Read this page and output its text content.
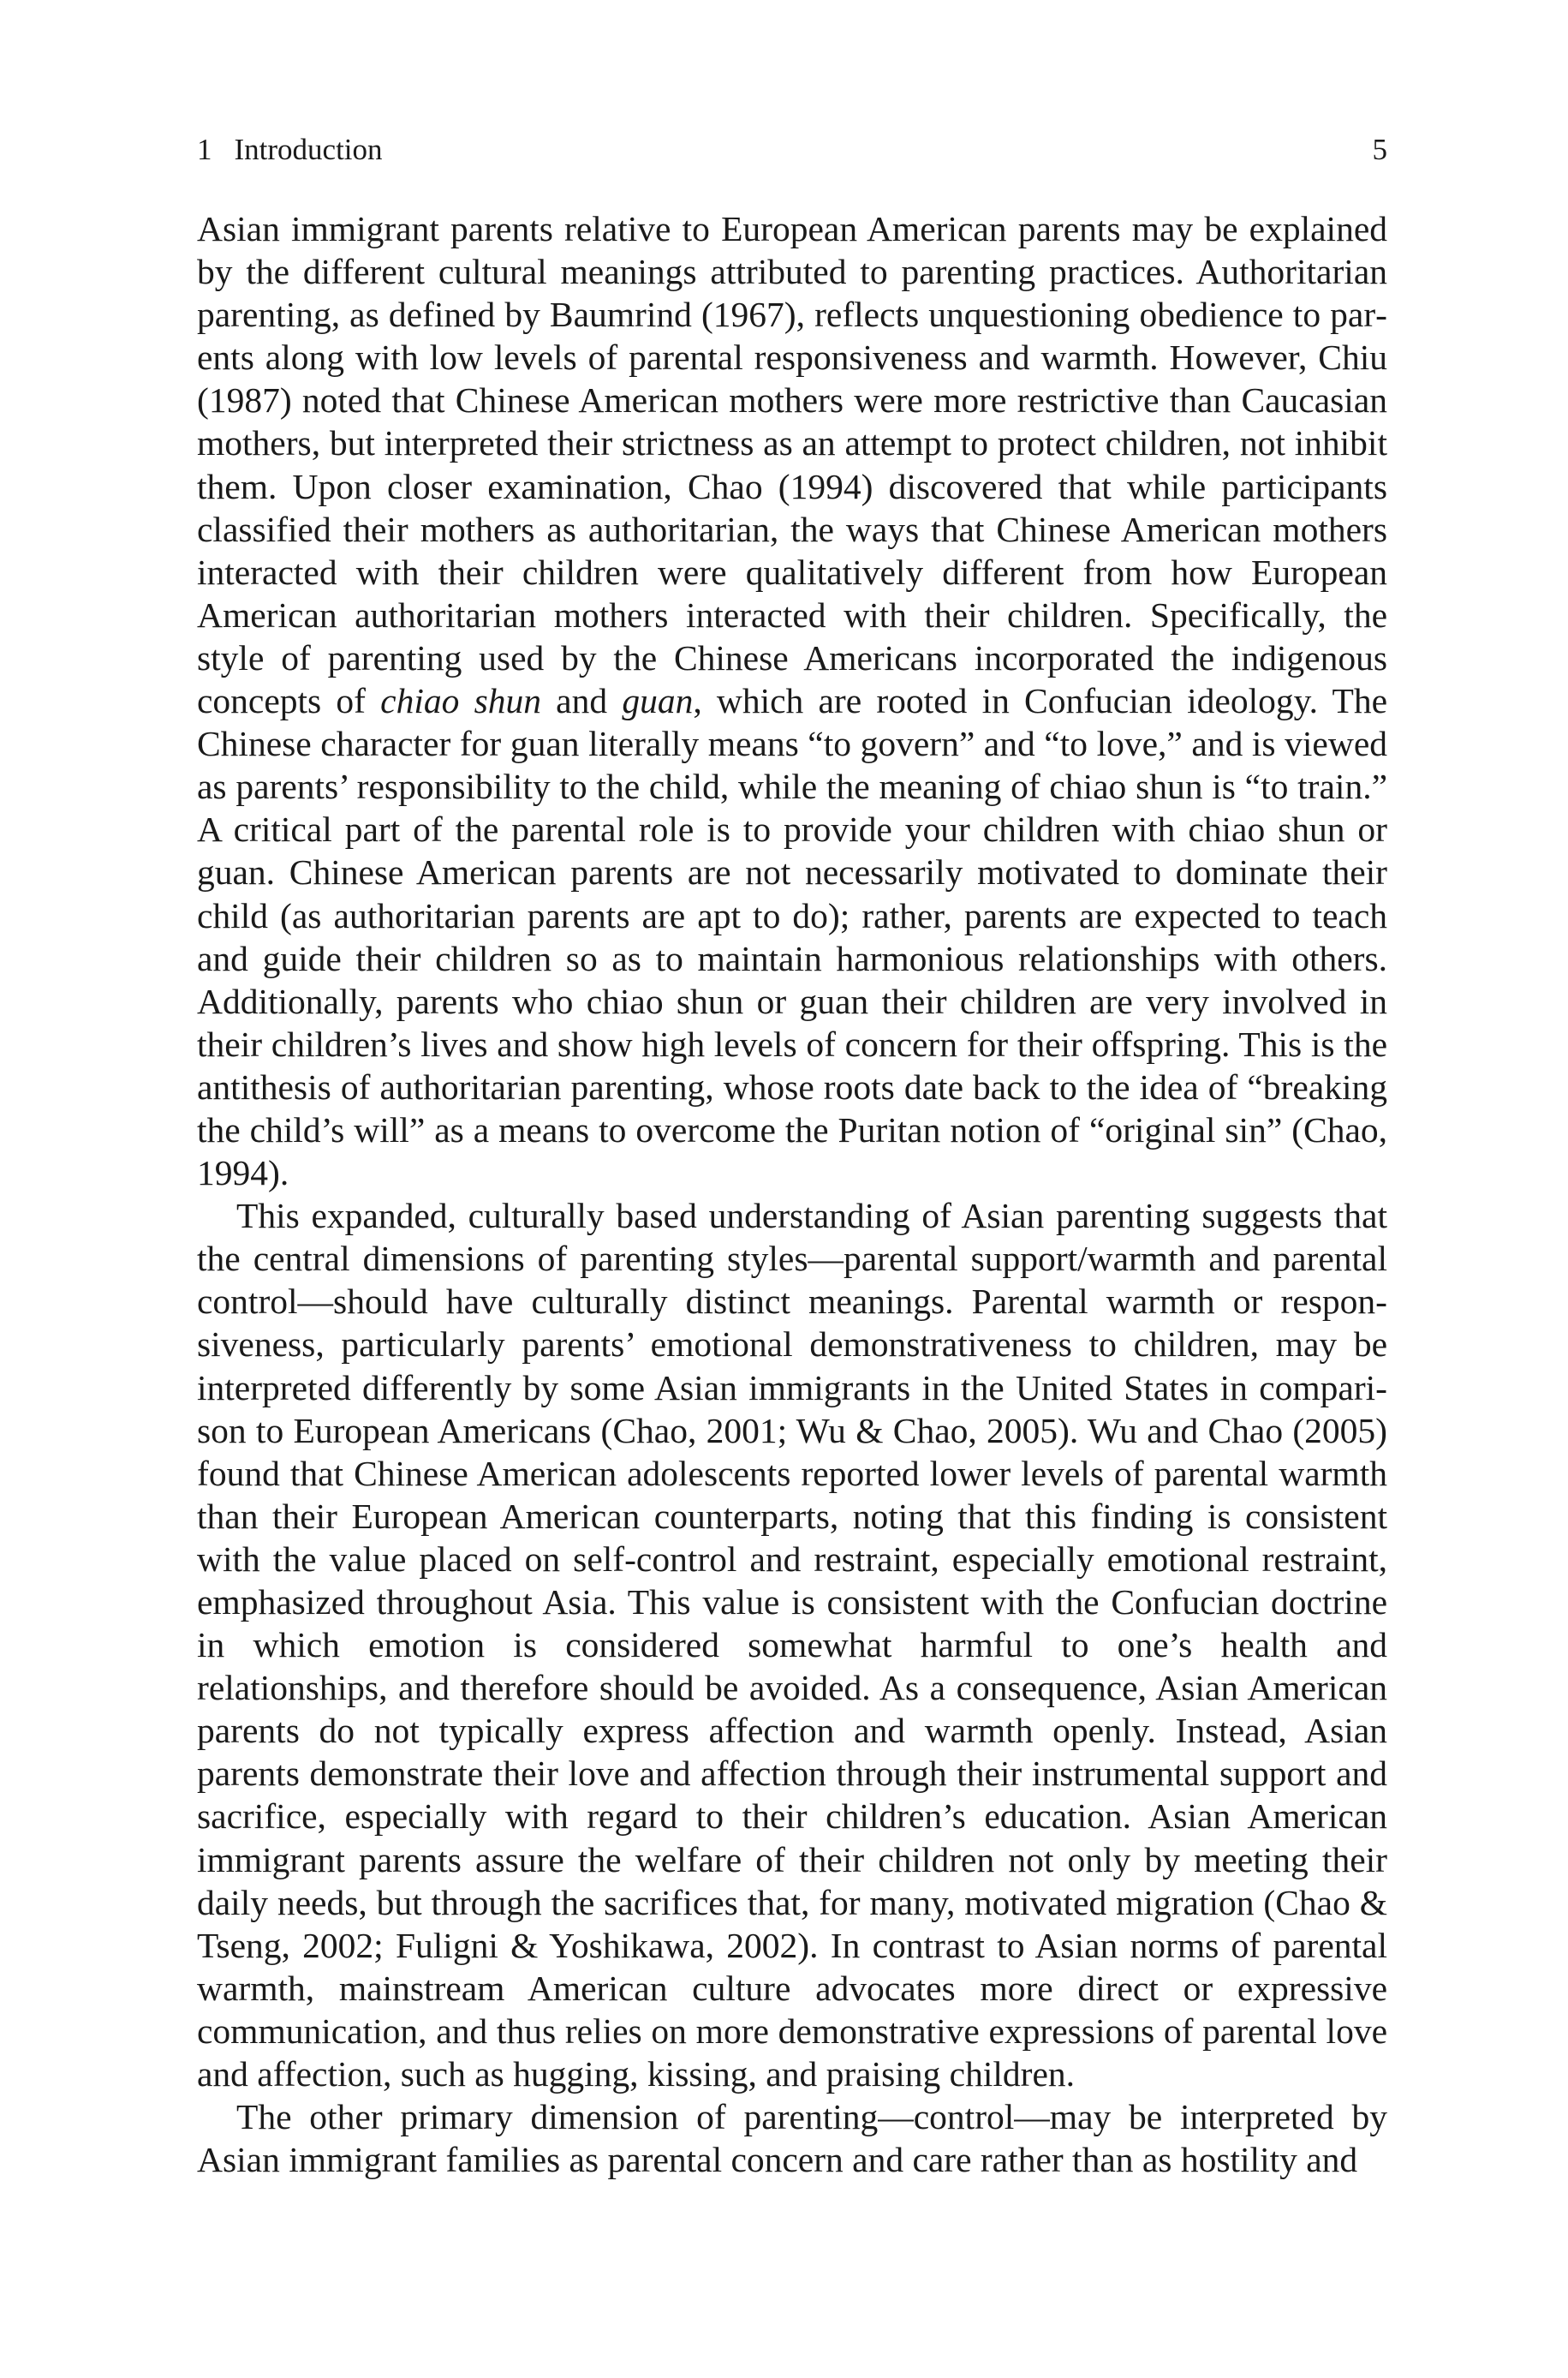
1 Introduction	5

Asian immigrant parents relative to European American parents may be explained by the different cultural meanings attributed to parenting practices. Authoritarian parenting, as defined by Baumrind (1967), reflects unquestioning obedience to parents along with low levels of parental responsiveness and warmth. However, Chiu (1987) noted that Chinese American mothers were more restrictive than Caucasian mothers, but interpreted their strictness as an attempt to protect children, not inhibit them. Upon closer examination, Chao (1994) discovered that while participants classified their mothers as authoritarian, the ways that Chinese American mothers interacted with their children were qualitatively different from how European American authoritarian mothers interacted with their children. Specifically, the style of parenting used by the Chinese Americans incorporated the indigenous concepts of chiao shun and guan, which are rooted in Confucian ideology. The Chinese character for guan literally means “to govern” and “to love,” and is viewed as parents’ responsibility to the child, while the meaning of chiao shun is “to train.” A critical part of the parental role is to provide your children with chiao shun or guan. Chinese American parents are not necessarily motivated to dominate their child (as authoritarian parents are apt to do); rather, parents are expected to teach and guide their children so as to maintain harmonious relationships with others. Additionally, parents who chiao shun or guan their children are very involved in their children’s lives and show high levels of concern for their offspring. This is the antithesis of authoritarian parenting, whose roots date back to the idea of “breaking the child’s will” as a means to overcome the Puritan notion of “original sin” (Chao, 1994).

This expanded, culturally based understanding of Asian parenting suggests that the central dimensions of parenting styles—parental support/warmth and parental control—should have culturally distinct meanings. Parental warmth or responsiveness, particularly parents’ emotional demonstrativeness to children, may be interpreted differently by some Asian immigrants in the United States in comparison to European Americans (Chao, 2001; Wu & Chao, 2005). Wu and Chao (2005) found that Chinese American adolescents reported lower levels of parental warmth than their European American counterparts, noting that this finding is consistent with the value placed on self-control and restraint, especially emotional restraint, emphasized throughout Asia. This value is consistent with the Confucian doctrine in which emotion is considered somewhat harmful to one’s health and relationships, and therefore should be avoided. As a consequence, Asian American parents do not typically express affection and warmth openly. Instead, Asian parents demonstrate their love and affection through their instrumental support and sacrifice, especially with regard to their children’s education. Asian American immigrant parents assure the welfare of their children not only by meeting their daily needs, but through the sacrifices that, for many, motivated migration (Chao & Tseng, 2002; Fuligni & Yoshikawa, 2002). In contrast to Asian norms of parental warmth, mainstream American culture advocates more direct or expressive communication, and thus relies on more demonstrative expressions of parental love and affection, such as hugging, kissing, and praising children.

The other primary dimension of parenting—control—may be interpreted by Asian immigrant families as parental concern and care rather than as hostility and
